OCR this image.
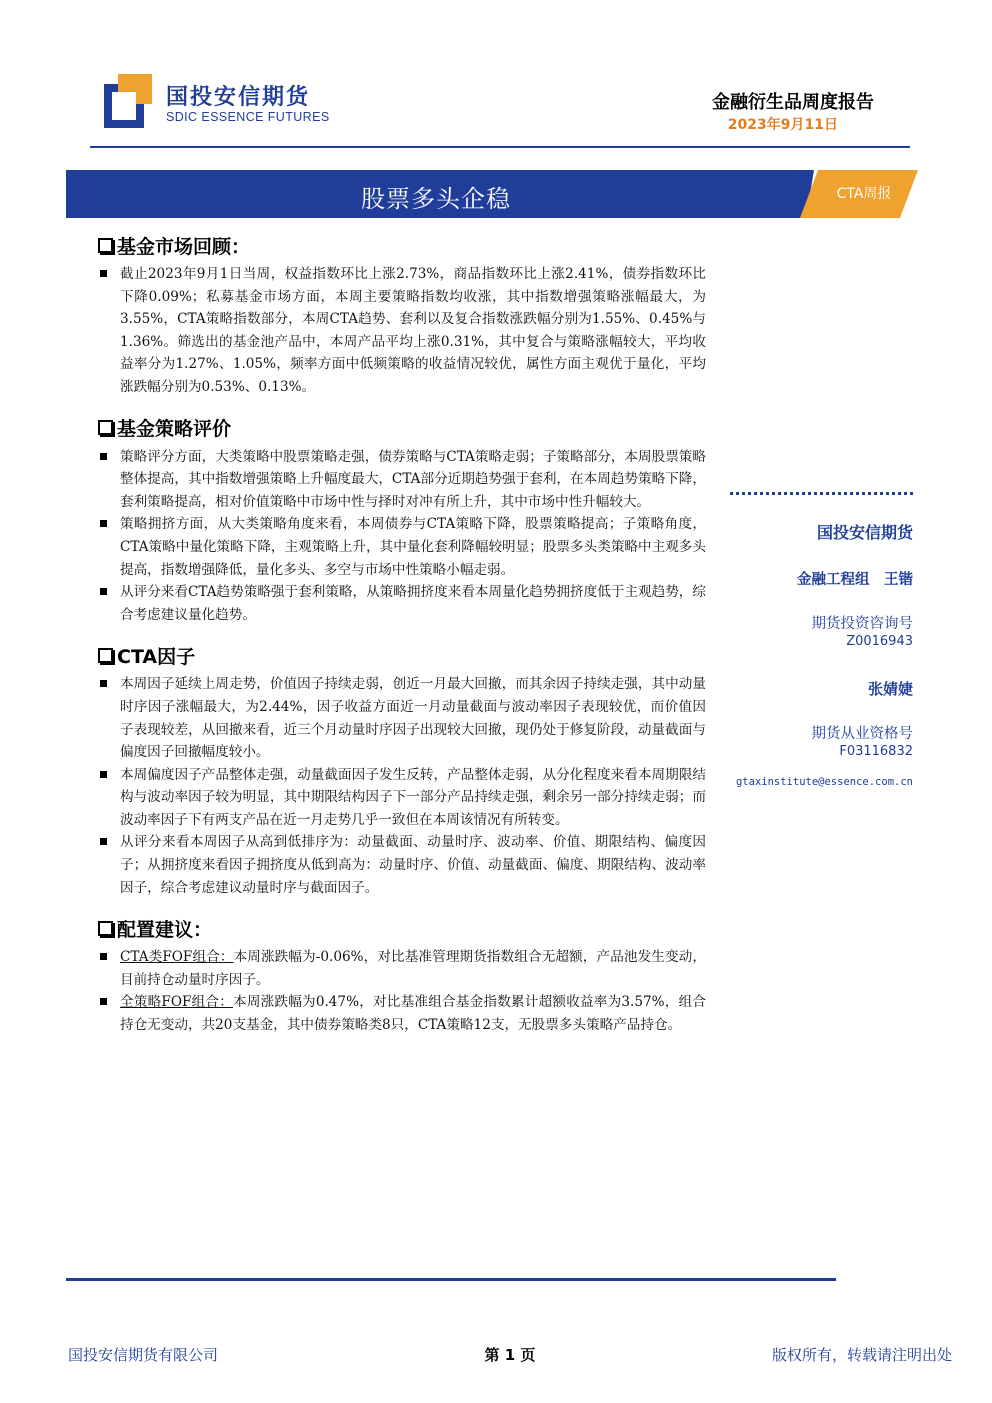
国投安信期货
SDIC ESSENCE FUTURES
金融衍生品周度报告
2023年9月11日
股票多头企稳	CTA周报
基金市场回顾：
截止2023年9月1日当周，权益指数环比上涨2.73%，商品指数环比上涨2.41%，债券指数环比下降0.09%；私募基金市场方面，本周主要策略指数均收涨，其中指数增强策略涨幅最大，为3.55%，CTA策略指数部分，本周CTA趋势、套利以及复合指数涨跌幅分别为1.55%、0.45%与1.36%。筛选出的基金池产品中，本周产品平均上涨0.31%，其中复合与策略涨幅较大，平均收益率分为1.27%、1.05%，频率方面中低频策略的收益情况较优，属性方面主观优于量化，平均涨跌幅分别为0.53%、0.13%。
基金策略评价
策略评分方面，大类策略中股票策略走强，债券策略与CTA策略走弱；子策略部分，本周股票策略整体提高，其中指数增强策略上升幅度最大，CTA部分近期趋势强于套利，在本周趋势策略下降，套利策略提高，相对价值策略中市场中性与择时对冲有所上升，其中市场中性升幅较大。
策略拥挤方面，从大类策略角度来看，本周债券与CTA策略下降，股票策略提高；子策略角度，CTA策略中量化策略下降，主观策略上升，其中量化套利降幅较明显；股票多头类策略中主观多头提高，指数增强降低，量化多头、多空与市场中性策略小幅走弱。
从评分来看CTA趋势策略强于套利策略，从策略拥挤度来看本周量化趋势拥挤度低于主观趋势，综合考虑建议量化趋势。
CTA因子
本周因子延续上周走势，价值因子持续走弱，创近一月最大回撤，而其余因子持续走强，其中动量时序因子涨幅最大，为2.44%，因子收益方面近一月动量截面与波动率因子表现较优，而价值因子表现较差，从回撤来看，近三个月动量时序因子出现较大回撤，现仍处于修复阶段，动量截面与偏度因子回撤幅度较小。
本周偏度因子产品整体走强，动量截面因子发生反转，产品整体走弱，从分化程度来看本周期限结构与波动率因子较为明显，其中期限结构因子下一部分产品持续走强，剩余另一部分持续走弱；而波动率因子下有两支产品在近一月走势几乎一致但在本周该情况有所转变。
从评分来看本周因子从高到低排序为：动量截面、动量时序、波动率、价值、期限结构、偏度因子；从拥挤度来看因子拥挤度从低到高为：动量时序、价值、动量截面、偏度、期限结构、波动率因子，综合考虑建议动量时序与截面因子。
配置建议：
CTA类FOF组合：本周涨跌幅为-0.06%，对比基准管理期货指数组合无超额，产品池发生变动，目前持仓动量时序因子。
全策略FOF组合：本周涨跌幅为0.47%，对比基准组合基金指数累计超额收益率为3.57%，组合持仓无变动，共20支基金，其中债券策略类8只，CTA策略12支，无股票多头策略产品持仓。
国投安信期货
金融工程组　王锴
期货投资咨询号
Z0016943
张婧婕
期货从业资格号
F03116832
gtaxinstitute@essence.com.cn
国投安信期货有限公司	第 1 页	版权所有，转载请注明出处
